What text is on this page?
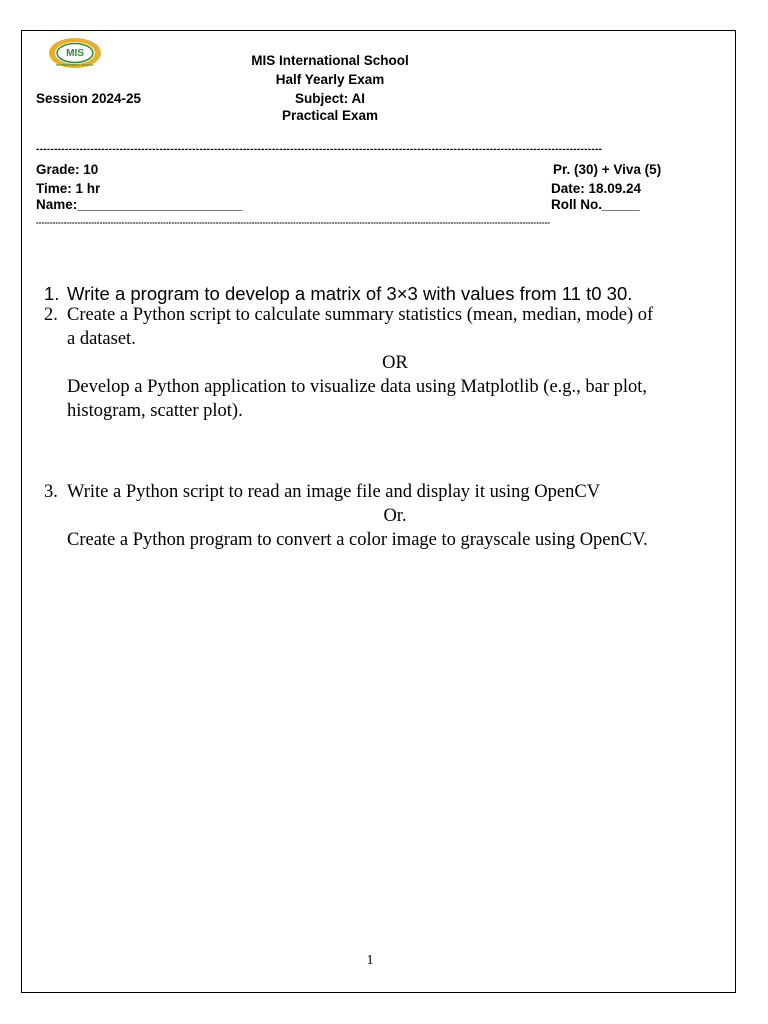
MIS
INTERNATIONAL SCHOOL	MIS International School
Half Yearly Exam
Session 2024-25	Subject: AI
Practical Exam
------------------------------------------------------------------------------------------------------------------------------------------------------------
Grade: 10	Pr. (30) + Viva (5)
Time: 1 hr	Date: 18.09.24
Name:______________________	Roll No._____
------------------------------------------------------------------------------------------------------------------------------------------------------------------------------------------
1. Write a program to develop a matrix of 3×3 with values from 11 t0 30.
2. Create a Python script to calculate summary statistics (mean, median, mode) of
a dataset.
OR
Develop a Python application to visualize data using Matplotlib (e.g., bar plot,
histogram, scatter plot).
3. Write a Python script to read an image file and display it using OpenCV
Or.
Create a Python program to convert a color image to grayscale using OpenCV.
1
